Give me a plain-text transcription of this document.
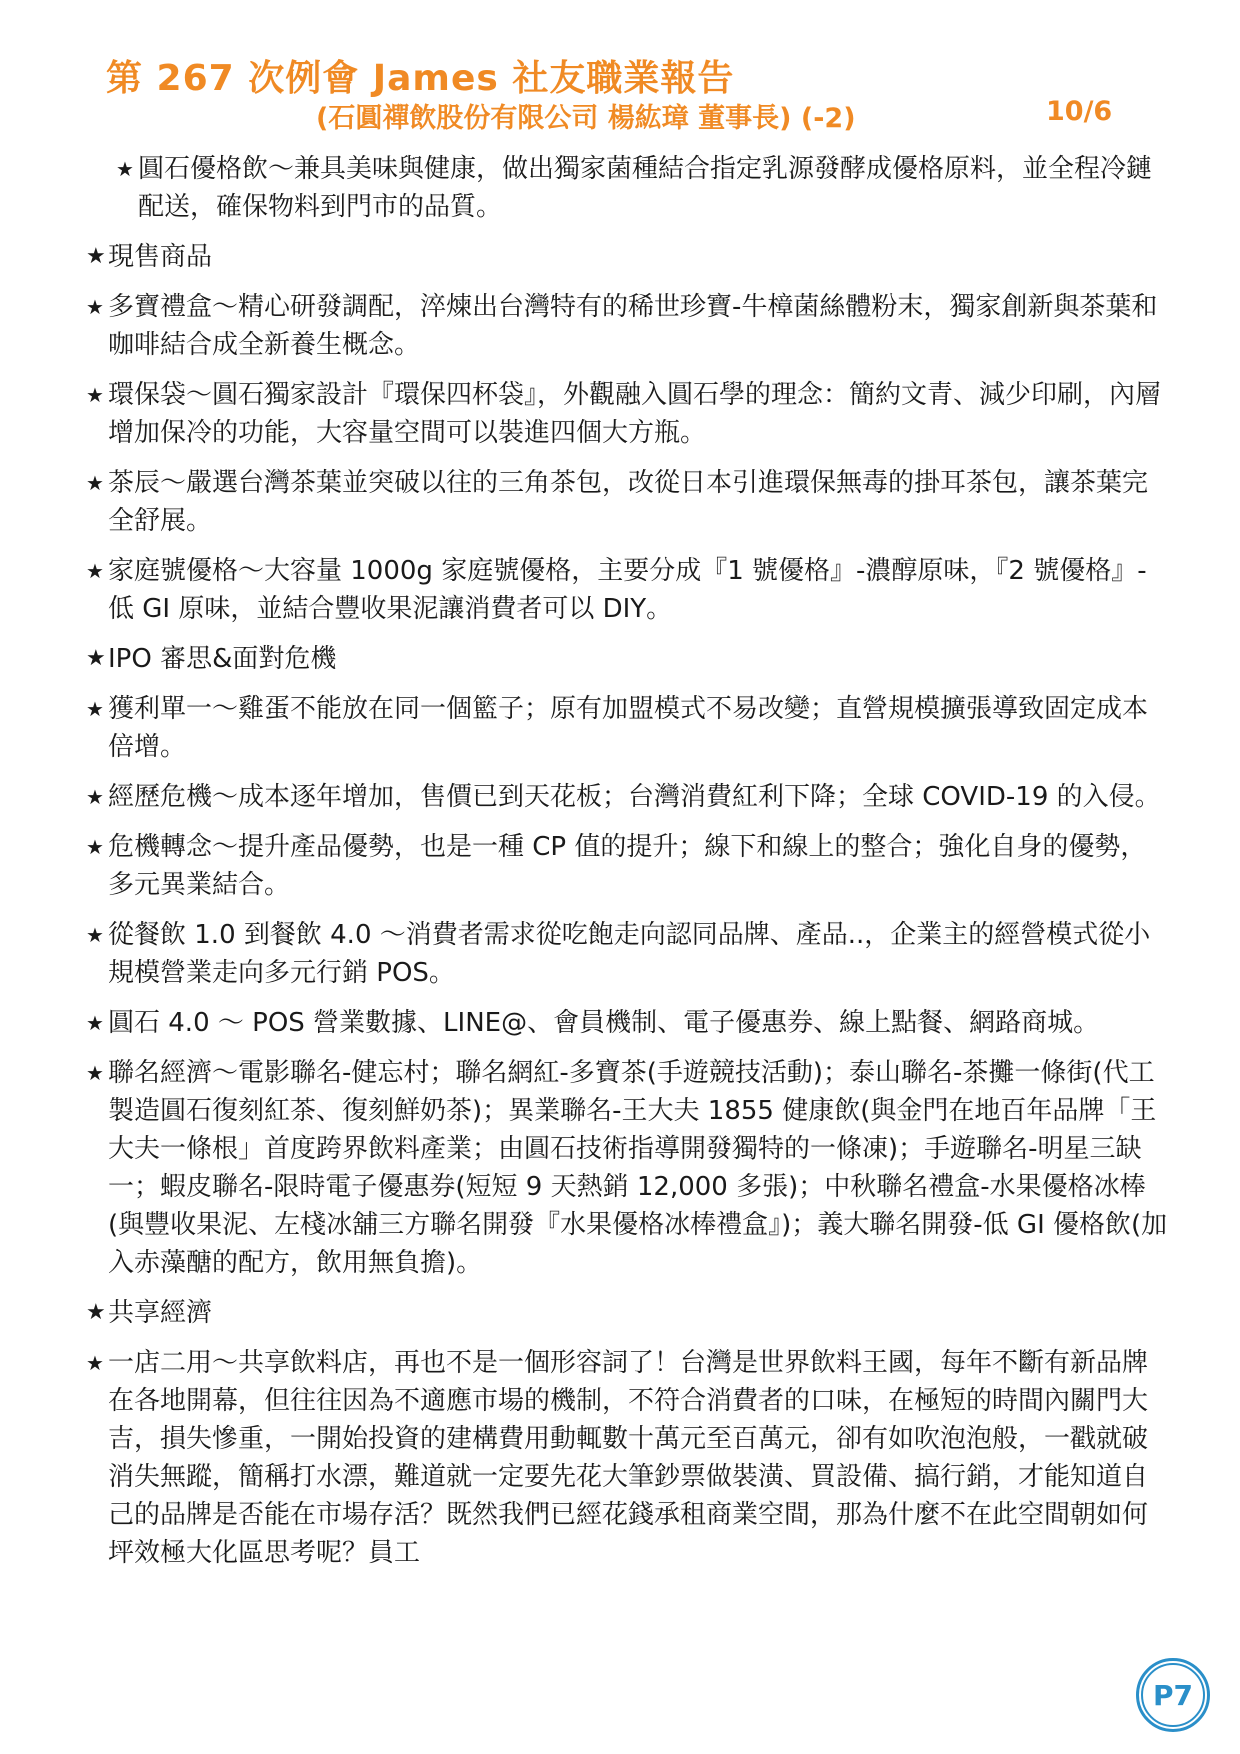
第 267 次例會 James 社友職業報告
(石圓禪飲股份有限公司 楊紘璋 董事長) (-2)	10/6
★ 圓石優格飲～兼具美味與健康，做出獨家菌種結合指定乳源發酵成優格原料，並全程冷鏈配送，確保物料到門市的品質。
★ 現售商品
★ 多寶禮盒～精心研發調配，淬煉出台灣特有的稀世珍寶-牛樟菌絲體粉末，獨家創新與茶葉和咖啡結合成全新養生概念。
★ 環保袋～圓石獨家設計『環保四杯袋』，外觀融入圓石學的理念：簡約文青、減少印刷，內層增加保冷的功能，大容量空間可以裝進四個大方瓶。
★ 茶辰～嚴選台灣茶葉並突破以往的三角茶包，改從日本引進環保無毒的掛耳茶包，讓茶葉完全舒展。
★ 家庭號優格～大容量 1000g 家庭號優格，主要分成『1 號優格』-濃醇原味，『2 號優格』-低 GI 原味，並結合豐收果泥讓消費者可以 DIY。
★ IPO 審思&面對危機
★ 獲利單一～雞蛋不能放在同一個籃子；原有加盟模式不易改變；直營規模擴張導致固定成本倍增。
★ 經歷危機～成本逐年增加，售價已到天花板；台灣消費紅利下降；全球 COVID-19 的入侵。
★ 危機轉念～提升產品優勢，也是一種 CP 值的提升；線下和線上的整合；強化自身的優勢，多元異業結合。
★ 從餐飲 1.0 到餐飲 4.0 ～消費者需求從吃飽走向認同品牌、產品..，企業主的經營模式從小規模營業走向多元行銷 POS。
★ 圓石 4.0 ～ POS 營業數據、LINE@、會員機制、電子優惠券、線上點餐、網路商城。
★ 聯名經濟～電影聯名-健忘村；聯名網紅-多寶茶(手遊競技活動)；泰山聯名-茶攤一條街(代工製造圓石復刻紅茶、復刻鮮奶茶)；異業聯名-王大夫 1855 健康飲(與金門在地百年品牌「王大夫一條根」首度跨界飲料產業；由圓石技術指導開發獨特的一條凍)；手遊聯名-明星三缺一；蝦皮聯名-限時電子優惠券(短短 9 天熱銷 12,000 多張)；中秋聯名禮盒-水果優格冰棒(與豐收果泥、左棧冰舖三方聯名開發『水果優格冰棒禮盒』)；義大聯名開發-低 GI 優格飲(加入赤藻醣的配方，飲用無負擔)。
★ 共享經濟
★ 一店二用～共享飲料店，再也不是一個形容詞了！台灣是世界飲料王國，每年不斷有新品牌在各地開幕，但往往因為不適應市場的機制，不符合消費者的口味，在極短的時間內關門大吉，損失慘重，一開始投資的建構費用動輒數十萬元至百萬元，卻有如吹泡泡般，一戳就破消失無蹤，簡稱打水漂，難道就一定要先花大筆鈔票做裝潢、買設備、搞行銷，才能知道自己的品牌是否能在市場存活？既然我們已經花錢承租商業空間，那為什麼不在此空間朝如何坪效極大化區思考呢？員工
P7
